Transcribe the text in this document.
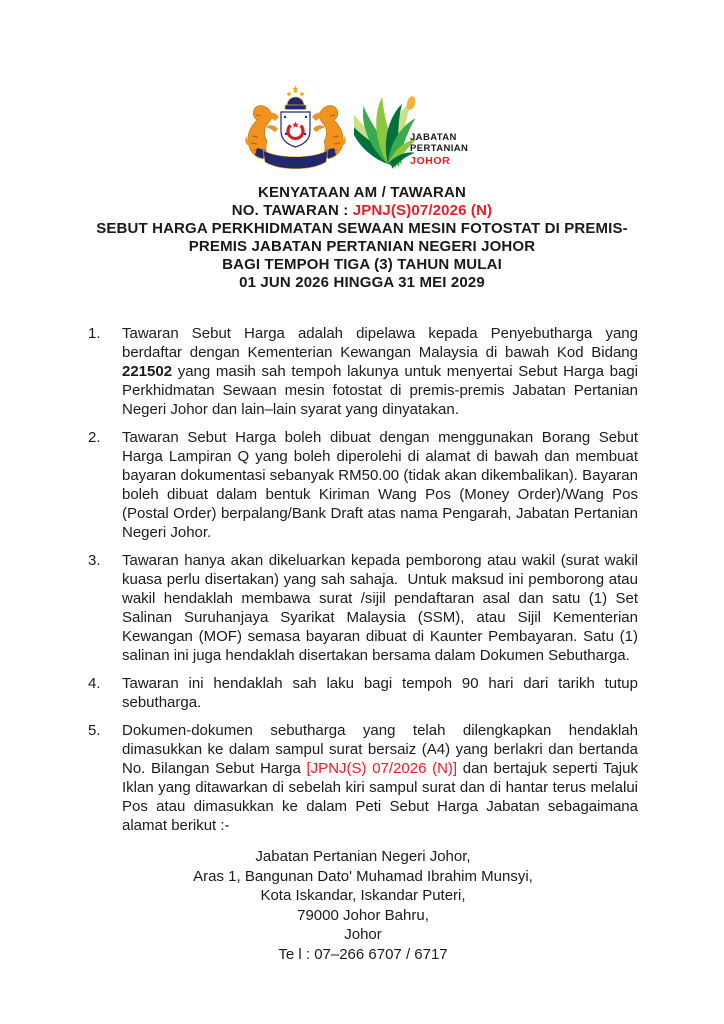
JABATAN
PERTANIAN
JOHOR
KENYATAAN AM / TAWARAN
NO. TAWARAN : JPNJ(S)07/2026 (N)
SEBUT HARGA PERKHIDMATAN SEWAAN MESIN FOTOSTAT DI PREMIS-
PREMIS JABATAN PERTANIAN NEGERI JOHOR
BAGI TEMPOH TIGA (3) TAHUN MULAI
01 JUN 2026 HINGGA 31 MEI 2029
1.	Tawaran Sebut Harga adalah dipelawa kepada Penyebutharga yang berdaftar dengan Kementerian Kewangan Malaysia di bawah Kod Bidang 221502 yang masih sah tempoh lakunya untuk menyertai Sebut Harga bagi Perkhidmatan Sewaan mesin fotostat di premis-premis Jabatan Pertanian Negeri Johor dan lain–lain syarat yang dinyatakan.
2.	Tawaran Sebut Harga boleh dibuat dengan menggunakan Borang Sebut Harga Lampiran Q yang boleh diperolehi di alamat di bawah dan membuat bayaran dokumentasi sebanyak RM50.00 (tidak akan dikembalikan). Bayaran boleh dibuat dalam bentuk Kiriman Wang Pos (Money Order)/Wang Pos (Postal Order) berpalang/Bank Draft atas nama Pengarah, Jabatan Pertanian Negeri Johor.
3.	Tawaran hanya akan dikeluarkan kepada pemborong atau wakil (surat wakil kuasa perlu disertakan) yang sah sahaja.  Untuk maksud ini pemborong atau wakil hendaklah membawa surat /sijil pendaftaran asal dan satu (1) Set Salinan Suruhanjaya Syarikat Malaysia (SSM), atau Sijil Kementerian Kewangan (MOF) semasa bayaran dibuat di Kaunter Pembayaran. Satu (1) salinan ini juga hendaklah disertakan bersama dalam Dokumen Sebutharga.
4.	Tawaran ini hendaklah sah laku bagi tempoh 90 hari dari tarikh tutup sebutharga.
5.	Dokumen-dokumen sebutharga yang telah dilengkapkan hendaklah dimasukkan ke dalam sampul surat bersaiz (A4) yang berlakri dan bertanda No. Bilangan Sebut Harga [JPNJ(S) 07/2026 (N)] dan bertajuk seperti Tajuk Iklan yang ditawarkan di sebelah kiri sampul surat dan di hantar terus melalui Pos atau dimasukkan ke dalam Peti Sebut Harga Jabatan sebagaimana alamat berikut :-
Jabatan Pertanian Negeri Johor,
Aras 1, Bangunan Dato' Muhamad Ibrahim Munsyi,
Kota Iskandar, Iskandar Puteri,
79000 Johor Bahru,
Johor
Te l : 07–266 6707 / 6717
